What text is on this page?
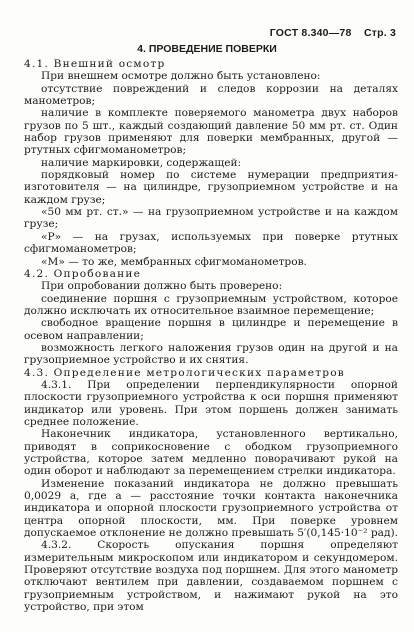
ГОСТ 8.340—78 Стр. 3
4. ПРОВЕДЕНИЕ ПОВЕРКИ

4.1. Внешний осмотр

При внешнем осмотре должно быть установлено:

отсутствие повреждений и следов коррозии на деталях манометров;

наличие в комплекте поверяемого манометра двух наборов грузов по 5 шт., каждый создающий давление 50 мм рт. ст. Один набор грузов применяют для поверки мембранных, другой — ртутных сфигмоманометров;

наличие маркировки, содержащей:

порядковый номер по системе нумерации предприятия-изготовителя — на цилиндре, грузоприемном устройстве и на каждом грузе;

«50 мм рт. ст.» — на грузоприемном устройстве и на каждом грузе;

«Р» — на грузах, используемых при поверке ртутных сфигмоманометров;

«М» — то же, мембранных сфигмоманометров.

4.2. Опробование

При опробовании должно быть проверено:

соединение поршня с грузоприемным устройством, которое должно исключать их относительное взаимное перемещение;

свободное вращение поршня в цилиндре и перемещение в осевом направлении;

возможность легкого наложения грузов один на другой и на грузоприемное устройство и их снятия.

4.3. Определение метрологических параметров

4.3.1. При определении перпендикулярности опорной плоскости грузоприемного устройства к оси поршня применяют индикатор или уровень. При этом поршень должен занимать среднее положение.

Наконечник индикатора, установленного вертикально, приводят в соприкосновение с ободком грузоприемного устройства, которое затем медленно поворачивают рукой на один оборот и наблюдают за перемещением стрелки индикатора.

Изменение показаний индикатора не должно превышать 0,0029 a, где a — расстояние точки контакта наконечника индикатора и опорной плоскости грузоприемного устройства от центра опорной плоскости, мм. При поверке уровнем допускаемое отклонение не должно превышать 5′(0,145·10⁻² рад).

4.3.2. Скорость опускания поршня определяют измерительным микроскопом или индикатором и секундомером. Проверяют отсутствие воздуха под поршнем. Для этого манометр отключают вентилем при давлении, создаваемом поршнем с грузоприемным устройством, и нажимают рукой на это устройство, при этом
